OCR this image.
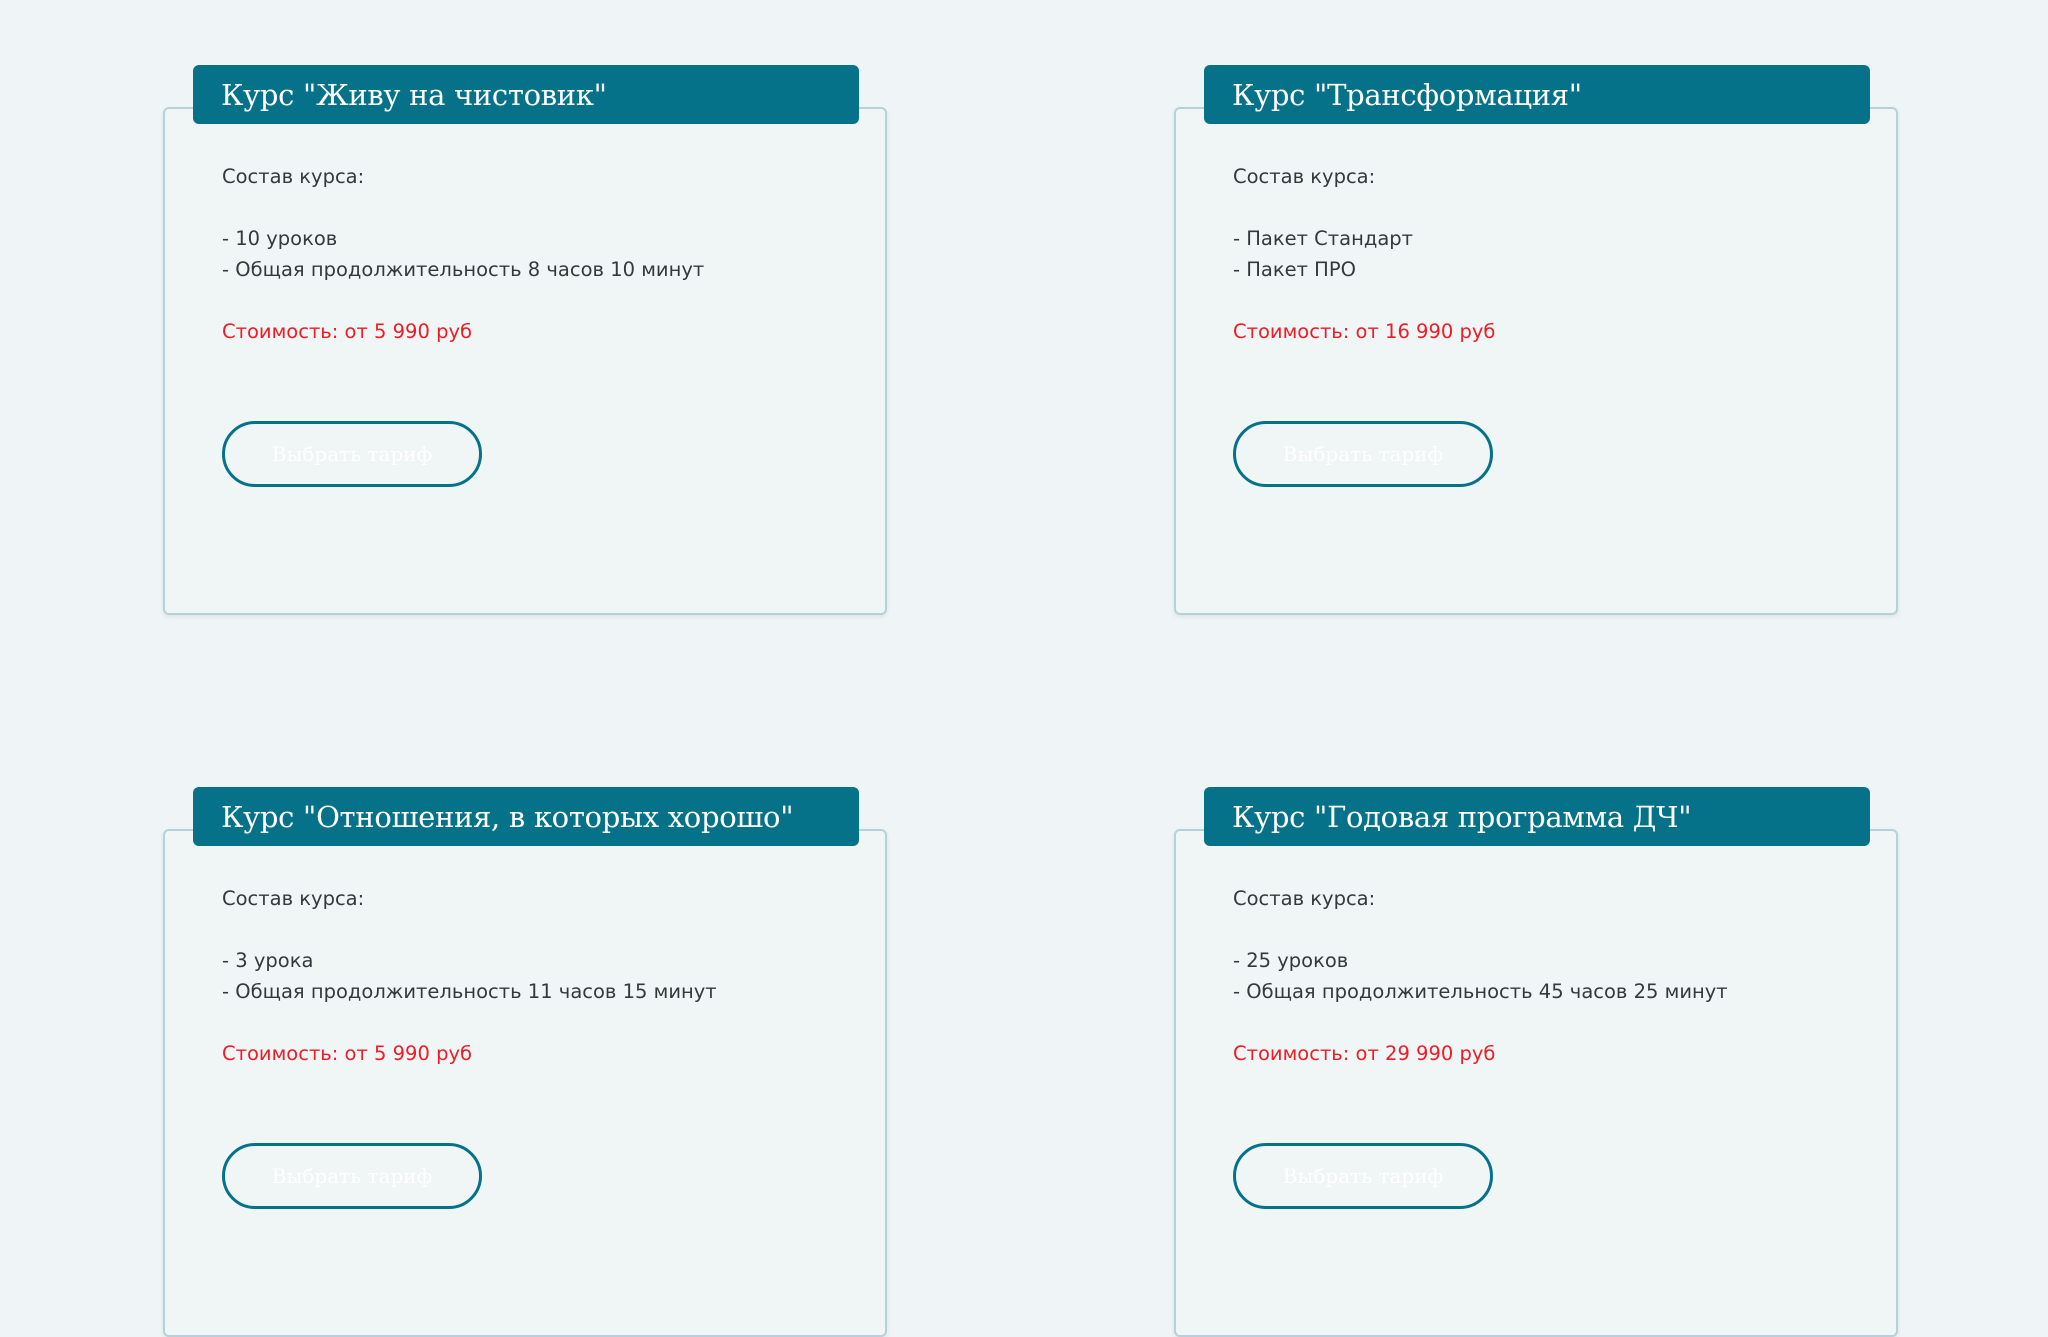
Курс "Живу на чистовик"
Состав курса:
- 10 уроков
- Общая продолжительность 8 часов 10 минут
Стоимость: от 5 990 руб
Выбрать тариф
Курс "Трансформация"
Состав курса:
- Пакет Стандарт
- Пакет ПРО
Стоимость: от 16 990 руб
Выбрать тариф
Курс "Отношения, в которых хорошо"
Состав курса:
- 3 урока
- Общая продолжительность 11 часов 15 минут
Стоимость: от 5 990 руб
Выбрать тариф
Курс "Годовая программа ДЧ"
Состав курса:
- 25 уроков
- Общая продолжительность 45 часов 25 минут
Стоимость: от 29 990 руб
Выбрать тариф
